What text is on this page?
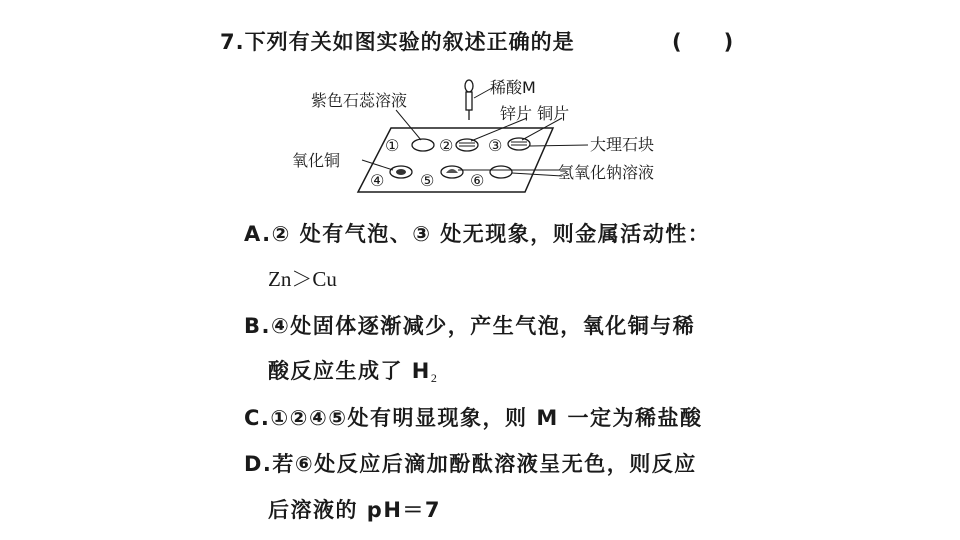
7.下列有关如图实验的叙述正确的是	(　　)
① ② ③
④ ⑤ ⑥
紫色石蕊溶液
稀酸M
锌片 铜片
大理石块
氧化铜
氢氧化钠溶液
A.② 处有气泡、③ 处无现象，则金属活动性：
Zn＞Cu
B.④处固体逐渐减少，产生气泡，氧化铜与稀
酸反应生成了 $H_2$
C.①②④⑤处有明显现象，则 M 一定为稀盐酸
D.若⑥处反应后滴加酚酞溶液呈无色，则反应
后溶液的 pH＝7
